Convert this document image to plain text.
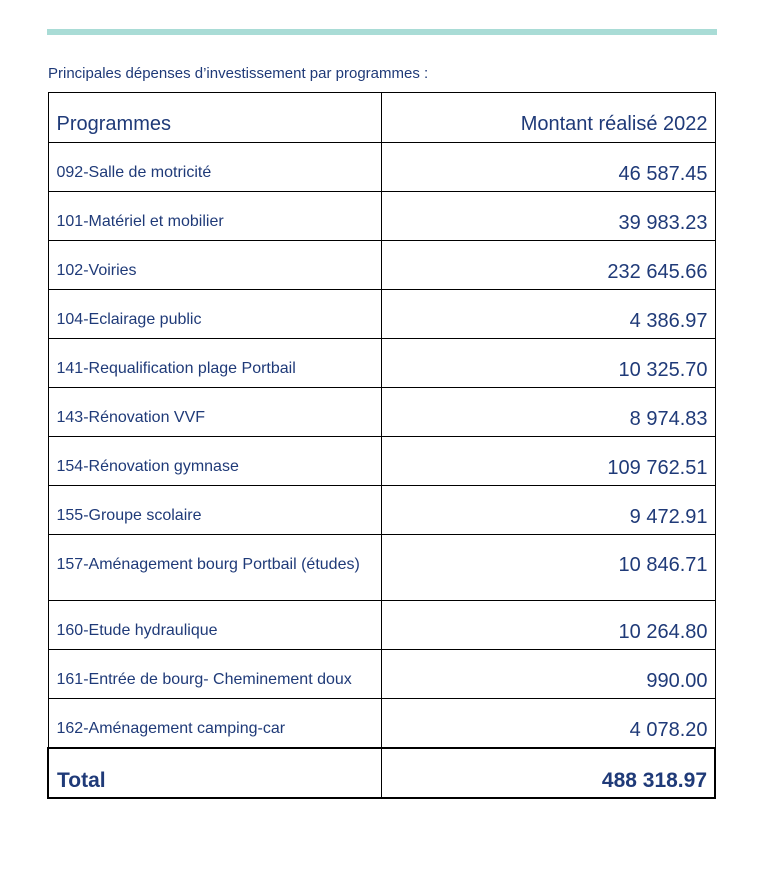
Principales dépenses d’investissement par programmes :
Programmes	Montant réalisé 2022
092-Salle de motricité	46 587.45
101-Matériel et mobilier	39 983.23
102-Voiries	232 645.66
104-Eclairage public	4 386.97
141-Requalification plage Portbail	10 325.70
143-Rénovation VVF	8 974.83
154-Rénovation gymnase	109 762.51
155-Groupe scolaire	9 472.91
157-Aménagement bourg Portbail (études)	10 846.71
160-Etude hydraulique	10 264.80
161-Entrée de bourg- Cheminement doux	990.00
162-Aménagement camping-car	4 078.20
Total	488 318.97
